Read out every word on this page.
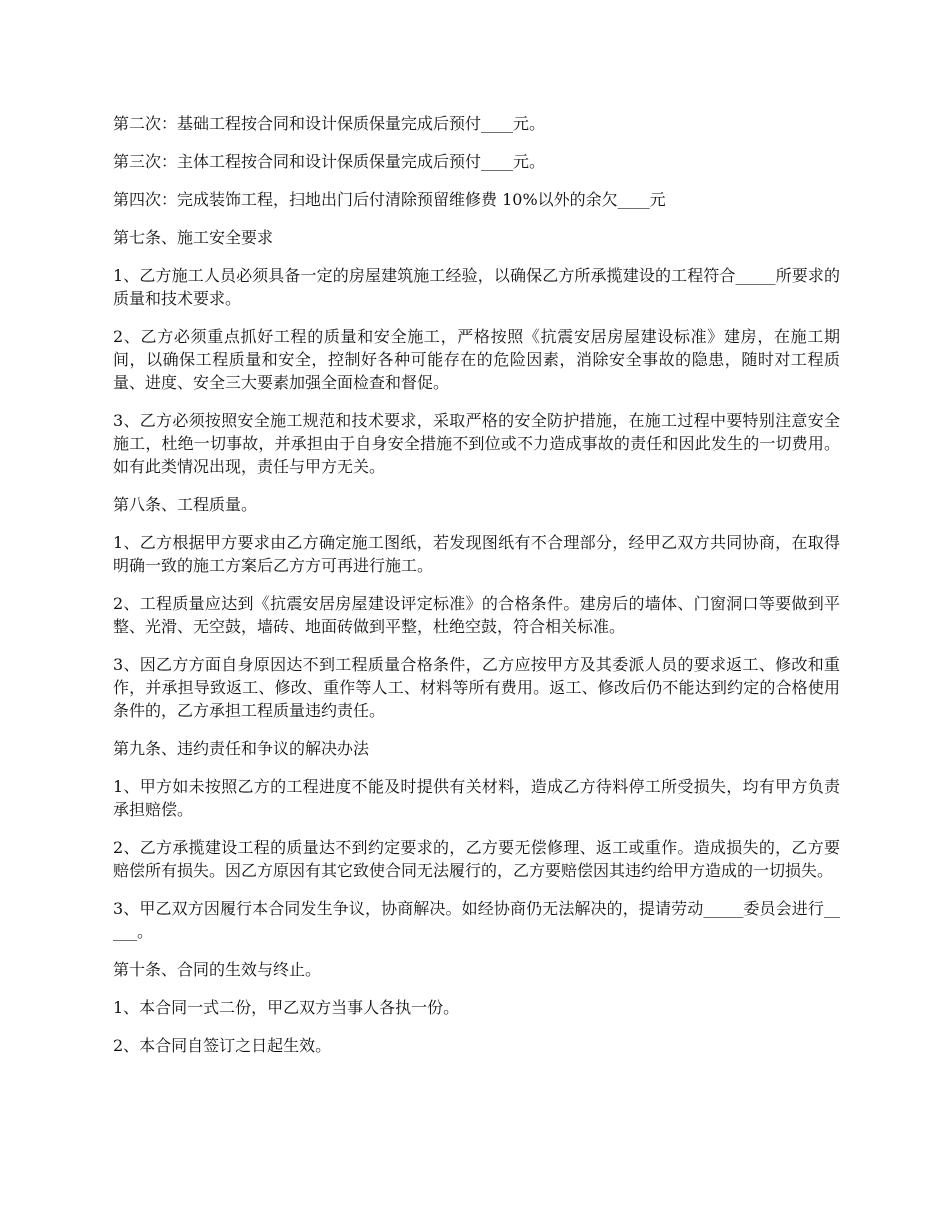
第二次：基础工程按合同和设计保质保量完成后预付____元。

第三次：主体工程按合同和设计保质保量完成后预付____元。

第四次：完成装饰工程，扫地出门后付清除预留维修费 10%以外的余欠____元

第七条、施工安全要求

1、乙方施工人员必须具备一定的房屋建筑施工经验，以确保乙方所承揽建设的工程符合_____所要求的质量和技术要求。

2、乙方必须重点抓好工程的质量和安全施工，严格按照《抗震安居房屋建设标准》建房，在施工期间，以确保工程质量和安全，控制好各种可能存在的危险因素，消除安全事故的隐患，随时对工程质量、进度、安全三大要素加强全面检查和督促。

3、乙方必须按照安全施工规范和技术要求，采取严格的安全防护措施，在施工过程中要特别注意安全施工，杜绝一切事故，并承担由于自身安全措施不到位或不力造成事故的责任和因此发生的一切费用。如有此类情况出现，责任与甲方无关。

第八条、工程质量。

1、乙方根据甲方要求由乙方确定施工图纸，若发现图纸有不合理部分，经甲乙双方共同协商，在取得明确一致的施工方案后乙方方可再进行施工。

2、工程质量应达到《抗震安居房屋建设评定标准》的合格条件。建房后的墙体、门窗洞口等要做到平整、光滑、无空鼓，墙砖、地面砖做到平整，杜绝空鼓，符合相关标准。

3、因乙方方面自身原因达不到工程质量合格条件，乙方应按甲方及其委派人员的要求返工、修改和重作，并承担导致返工、修改、重作等人工、材料等所有费用。返工、修改后仍不能达到约定的合格使用条件的，乙方承担工程质量违约责任。

第九条、违约责任和争议的解决办法

1、甲方如未按照乙方的工程进度不能及时提供有关材料，造成乙方待料停工所受损失，均有甲方负责承担赔偿。

2、乙方承揽建设工程的质量达不到约定要求的，乙方要无偿修理、返工或重作。造成损失的，乙方要赔偿所有损失。因乙方原因有其它致使合同无法履行的，乙方要赔偿因其违约给甲方造成的一切损失。

3、甲乙双方因履行本合同发生争议，协商解决。如经协商仍无法解决的，提请劳动_____委员会进行_____。

第十条、合同的生效与终止。

1、本合同一式二份，甲乙双方当事人各执一份。

2、本合同自签订之日起生效。
